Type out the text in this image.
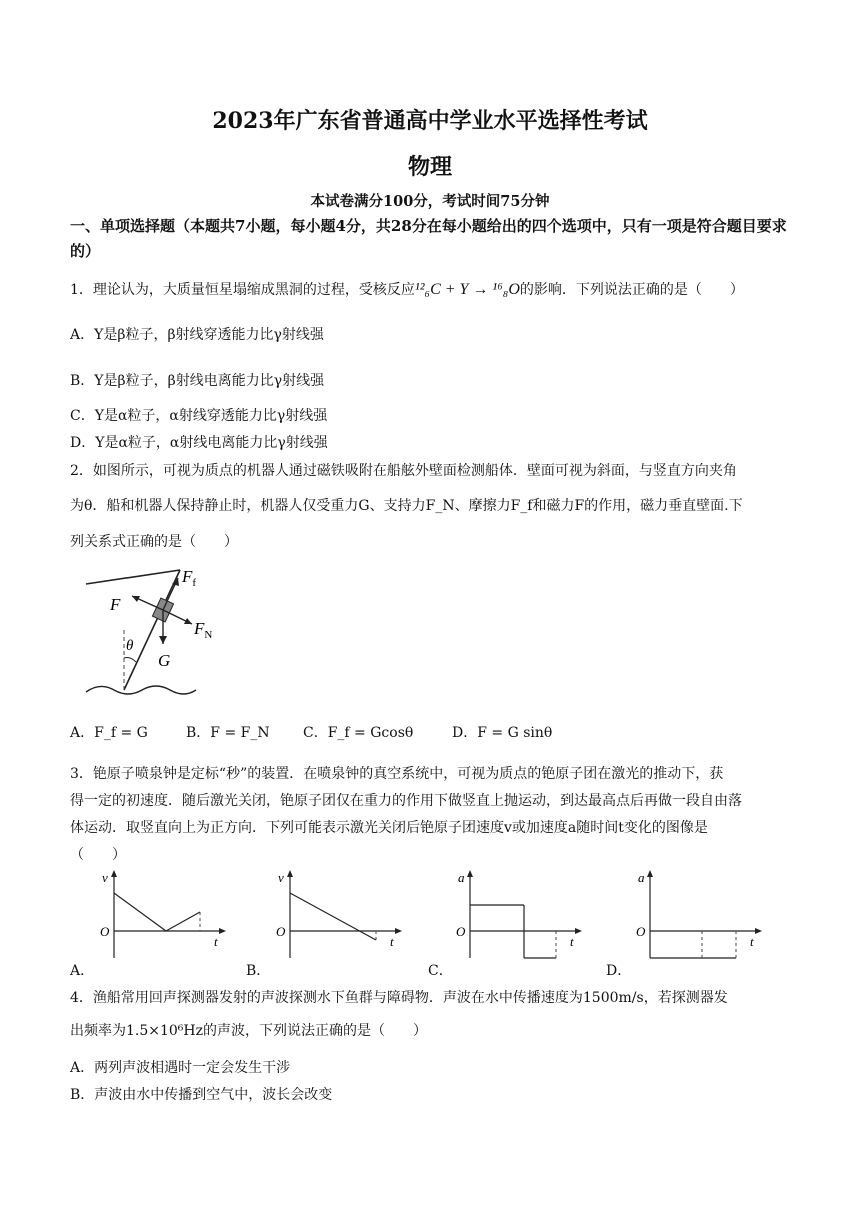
2023年广东省普通高中学业水平选择性考试
物理
本试卷满分100分，考试时间75分钟
一、单项选择题（本题共7小题，每小题4分，共28分在每小题给出的四个选项中，只有一项是符合题目要求的）
1．理论认为，大质量恒星塌缩成黑洞的过程，受核反应¹²₆C + Y → ¹⁶₈O的影响．下列说法正确的是（　　）
A．Y是β粒子，β射线穿透能力比γ射线强
B．Y是β粒子，β射线电离能力比γ射线强
C．Y是α粒子，α射线穿透能力比γ射线强
D．Y是α粒子，α射线电离能力比γ射线强
2．如图所示，可视为质点的机器人通过磁铁吸附在船舷外壁面检测船体．壁面可视为斜面，与竖直方向夹角
为θ．船和机器人保持静止时，机器人仅受重力G、支持力F_N、摩擦力F_f和磁力F的作用，磁力垂直壁面.下
列关系式正确的是（　　）
$F_f$
F
$F_N$
G
θ
A．F_f = G	B．F = F_N C．F_f = Gcosθ	D．F = G sinθ
3．铯原子喷泉钟是定标“秒”的装置．在喷泉钟的真空系统中，可视为质点的铯原子团在激光的推动下，获
得一定的初速度．随后激光关闭，铯原子团仅在重力的作用下做竖直上抛运动，到达最高点后再做一段自由落
体运动．取竖直向上为正方向．下列可能表示激光关闭后铯原子团速度v或加速度a随时间t变化的图像是
（　　）
v
O
t
A．
v
O
t
B．
a
O
t
C．
a
O
t
D．
4．渔船常用回声探测器发射的声波探测水下鱼群与障碍物．声波在水中传播速度为1500m/s，若探测器发
出频率为1.5×10⁶Hz的声波，下列说法正确的是（　　）
A．两列声波相遇时一定会发生干涉
B．声波由水中传播到空气中，波长会改变
